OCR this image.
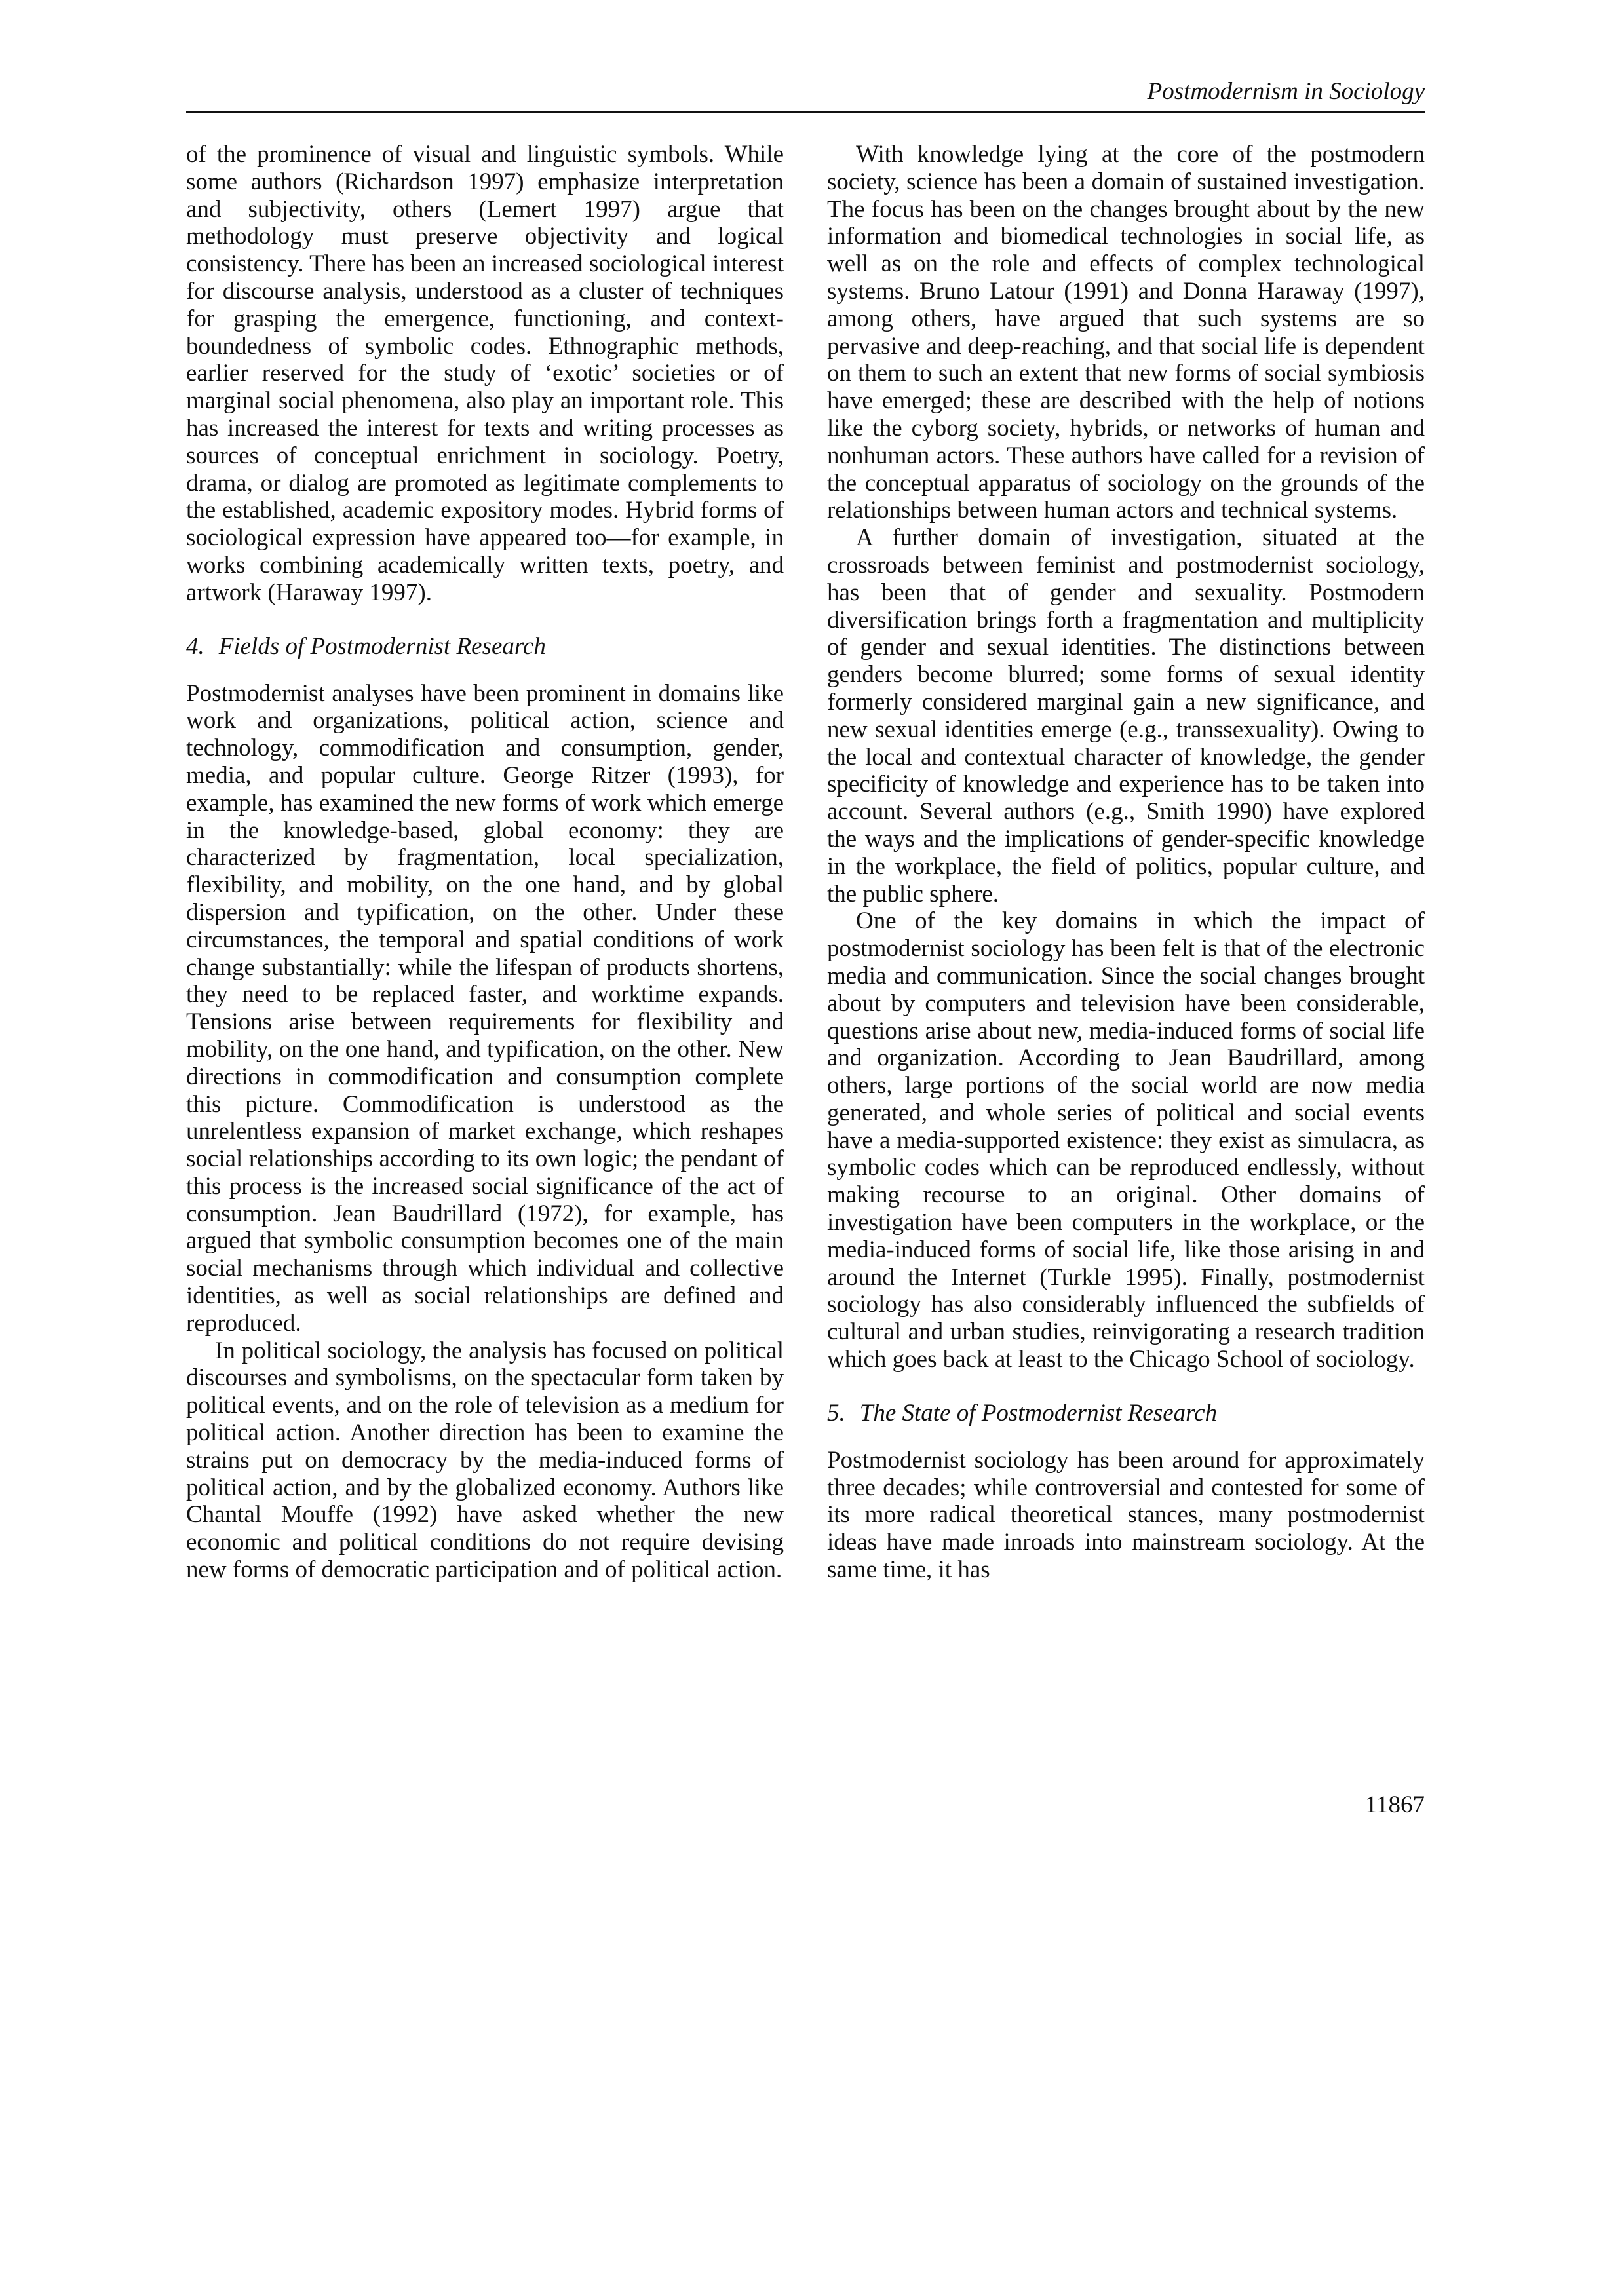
Postmodernism in Sociology

of the prominence of visual and linguistic symbols. While some authors (Richardson 1997) emphasize interpretation and subjectivity, others (Lemert 1997) argue that methodology must preserve objectivity and logical consistency. There has been an increased sociological interest for discourse analysis, understood as a cluster of techniques for grasping the emergence, functioning, and context-boundedness of symbolic codes. Ethnographic methods, earlier reserved for the study of ‘exotic’ societies or of marginal social phenomena, also play an important role. This has increased the interest for texts and writing processes as sources of conceptual enrichment in sociology. Poetry, drama, or dialog are promoted as legitimate complements to the established, academic expository modes. Hybrid forms of sociological expression have appeared too—for example, in works combining academically written texts, poetry, and artwork (Haraway 1997).

4. Fields of Postmodernist Research

Postmodernist analyses have been prominent in domains like work and organizations, political action, science and technology, commodification and consumption, gender, media, and popular culture. George Ritzer (1993), for example, has examined the new forms of work which emerge in the knowledge-based, global economy: they are characterized by fragmentation, local specialization, flexibility, and mobility, on the one hand, and by global dispersion and typification, on the other. Under these circumstances, the temporal and spatial conditions of work change substantially: while the lifespan of products shortens, they need to be replaced faster, and worktime expands. Tensions arise between requirements for flexibility and mobility, on the one hand, and typification, on the other. New directions in commodification and consumption complete this picture. Commodification is understood as the unrelentless expansion of market exchange, which reshapes social relationships according to its own logic; the pendant of this process is the increased social significance of the act of consumption. Jean Baudrillard (1972), for example, has argued that symbolic consumption becomes one of the main social mechanisms through which individual and collective identities, as well as social relationships are defined and reproduced.

In political sociology, the analysis has focused on political discourses and symbolisms, on the spectacular form taken by political events, and on the role of television as a medium for political action. Another direction has been to examine the strains put on democracy by the media-induced forms of political action, and by the globalized economy. Authors like Chantal Mouffe (1992) have asked whether the new economic and political conditions do not require devising new forms of democratic participation and of political action.

With knowledge lying at the core of the postmodern society, science has been a domain of sustained investigation. The focus has been on the changes brought about by the new information and biomedical technologies in social life, as well as on the role and effects of complex technological systems. Bruno Latour (1991) and Donna Haraway (1997), among others, have argued that such systems are so pervasive and deep-reaching, and that social life is dependent on them to such an extent that new forms of social symbiosis have emerged; these are described with the help of notions like the cyborg society, hybrids, or networks of human and nonhuman actors. These authors have called for a revision of the conceptual apparatus of sociology on the grounds of the relationships between human actors and technical systems.

A further domain of investigation, situated at the crossroads between feminist and postmodernist sociology, has been that of gender and sexuality. Postmodern diversification brings forth a fragmentation and multiplicity of gender and sexual identities. The distinctions between genders become blurred; some forms of sexual identity formerly considered marginal gain a new significance, and new sexual identities emerge (e.g., transsexuality). Owing to the local and contextual character of knowledge, the gender specificity of knowledge and experience has to be taken into account. Several authors (e.g., Smith 1990) have explored the ways and the implications of gender-specific knowledge in the workplace, the field of politics, popular culture, and the public sphere.

One of the key domains in which the impact of postmodernist sociology has been felt is that of the electronic media and communication. Since the social changes brought about by computers and television have been considerable, questions arise about new, media-induced forms of social life and organization. According to Jean Baudrillard, among others, large portions of the social world are now media generated, and whole series of political and social events have a media-supported existence: they exist as simulacra, as symbolic codes which can be reproduced endlessly, without making recourse to an original. Other domains of investigation have been computers in the workplace, or the media-induced forms of social life, like those arising in and around the Internet (Turkle 1995). Finally, postmodernist sociology has also considerably influenced the subfields of cultural and urban studies, reinvigorating a research tradition which goes back at least to the Chicago School of sociology.

5. The State of Postmodernist Research

Postmodernist sociology has been around for approximately three decades; while controversial and contested for some of its more radical theoretical stances, many postmodernist ideas have made inroads into mainstream sociology. At the same time, it has

11867
